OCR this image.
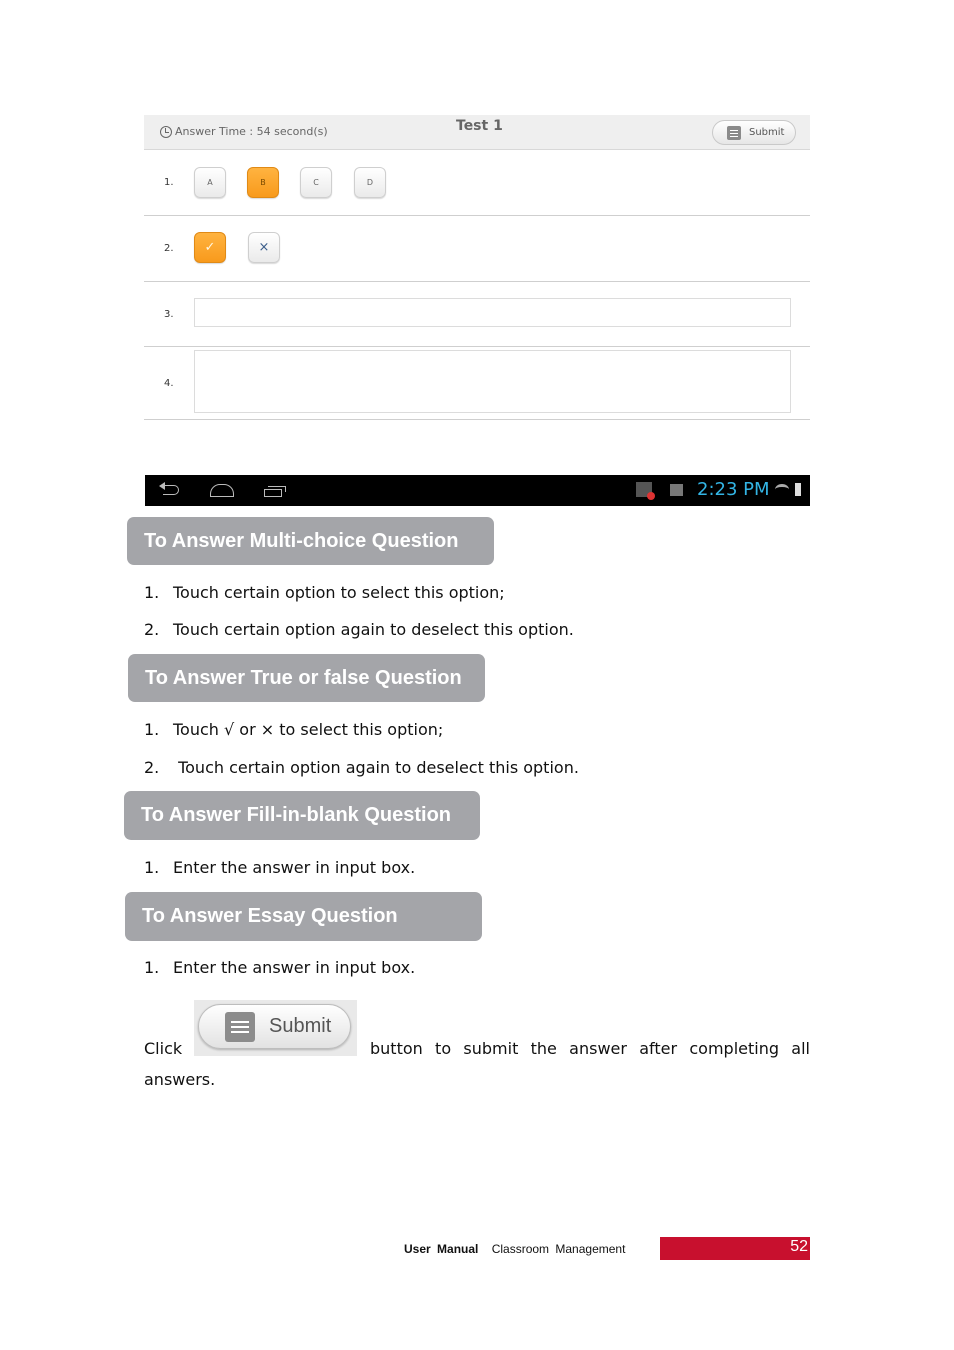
Answer Time : 54 second(s)	Test 1	Submit
1.	A	B	C	D
2. ✓	×
3.
4.
2:23 PM
To Answer Multi-choice Question
1. Touch certain option to select this option;
2. Touch certain option again to deselect this option.
To Answer True or false Question
1. Touch √ or × to select this option;
2. Touch certain option again to deselect this option.
To Answer Fill-in-blank Question
1. Enter the answer in input box.
To Answer Essay Question
1. Enter the answer in input box.
Click
Submit
button to submit the answer after completing all
answers.
User Manual Classroom Management	52
